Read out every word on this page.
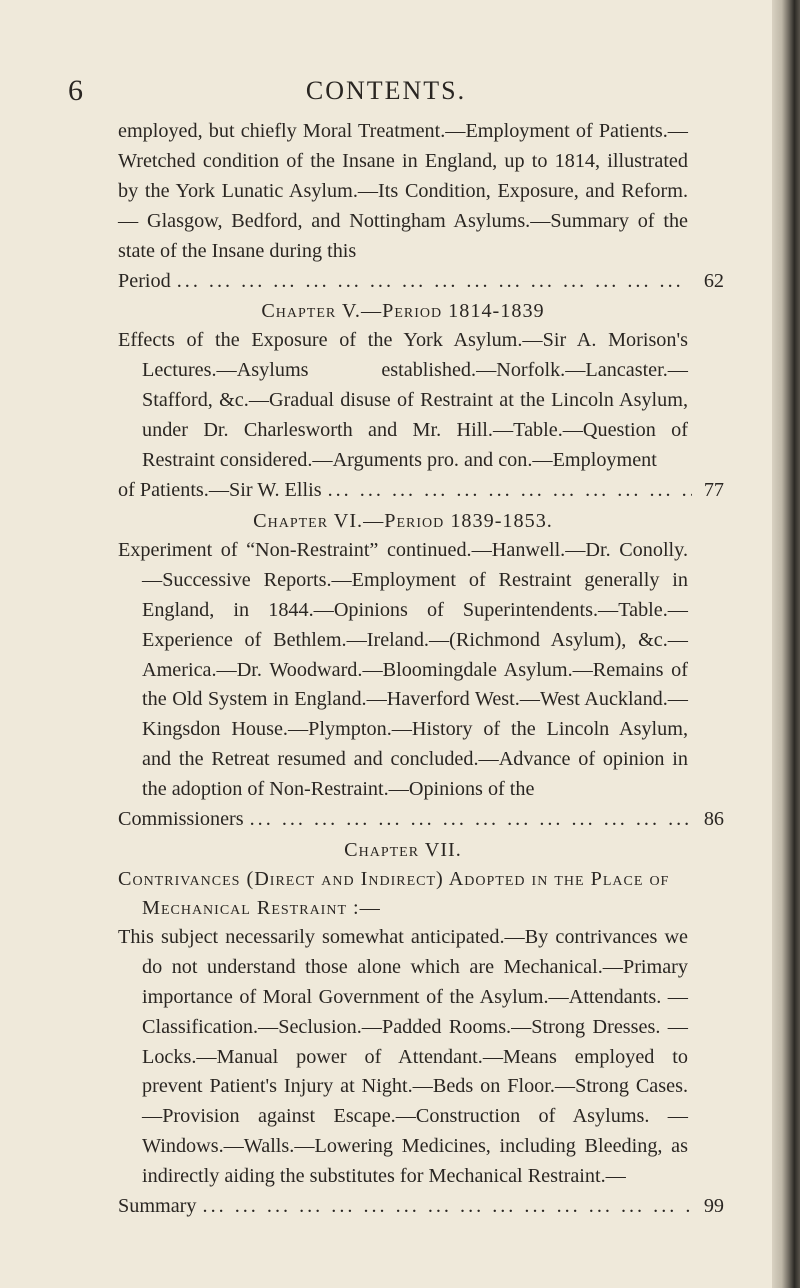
6	CONTENTS.

employed, but chiefly Moral Treatment.—Employment of Patients.—Wretched condition of the Insane in England, up to 1814, illustrated by the York Lunatic Asylum.—Its Condition, Exposure, and Reform.— Glasgow, Bedford, and Nottingham Asylums.—Summary of the state of the Insane during this

Period ... .	62

Chapter V.—Period 1814-1839

Effects of the Exposure of the York Asylum.—Sir A. Morison's Lectures.—Asylums established.—Norfolk.—Lancaster.—Stafford, &c.—Gradual disuse of Restraint at the Lincoln Asylum, under Dr. Charlesworth and Mr. Hill.—Table.—Question of Restraint considered.—Arguments pro. and con.—Employment

of Patients.—Sir W. Ellis ... .	77

Chapter VI.—Period 1839-1853.

Experiment of “Non-Restraint” continued.—Hanwell.—Dr. Conolly. —Successive Reports.—Employment of Restraint generally in England, in 1844.—Opinions of Superintendents.—Table.— Experience of Bethlem.—Ireland.—(Richmond Asylum), &c.— America.—Dr. Woodward.—Bloomingdale Asylum.—Remains of the Old System in England.—Haverford West.—West Auckland.—Kingsdon House.—Plympton.—History of the Lincoln Asylum, and the Retreat resumed and concluded.—Advance of opinion in the adoption of Non-Restraint.—Opinions of the

Commissioners ... .	86

Chapter VII.

Contrivances (Direct and Indirect) Adopted in the Place of Mechanical Restraint :—

This subject necessarily somewhat anticipated.—By contrivances we do not understand those alone which are Mechanical.—Primary importance of Moral Government of the Asylum.—Attendants. —Classification.—Seclusion.—Padded Rooms.—Strong Dresses. —Locks.—Manual power of Attendant.—Means employed to prevent Patient's Injury at Night.—Beds on Floor.—Strong Cases.—Provision against Escape.—Construction of Asylums. —Windows.—Walls.—Lowering Medicines, including Bleeding, as indirectly aiding the substitutes for Mechanical Restraint.—

Summary ... .	99
